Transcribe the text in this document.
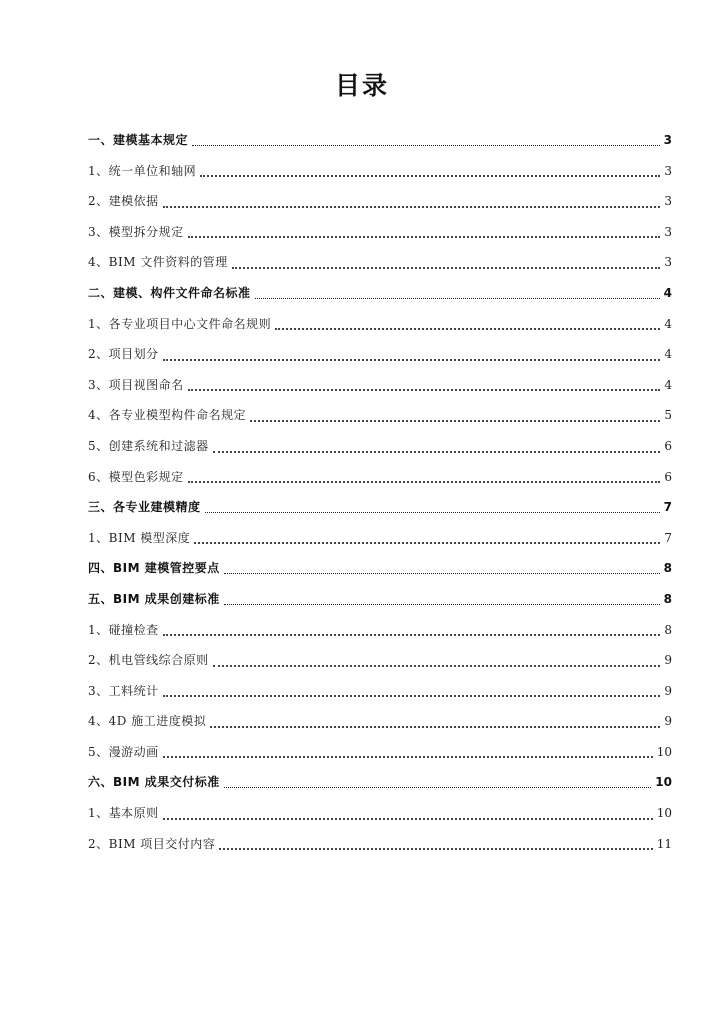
目录
一、建模基本规定	3
1、统一单位和轴网	3
2、建模依据	3
3、模型拆分规定	3
4、BIM 文件资料的管理	3
二、建模、构件文件命名标准	4
1、各专业项目中心文件命名规则	4
2、项目划分	4
3、项目视图命名	4
4、各专业模型构件命名规定	5
5、创建系统和过滤器	6
6、模型色彩规定	6
三、各专业建模精度	7
1、BIM 模型深度	7
四、BIM 建模管控要点	8
五、BIM 成果创建标准	8
1、碰撞检查	8
2、机电管线综合原则	9
3、工料统计	9
4、4D 施工进度模拟	9
5、漫游动画	10
六、BIM 成果交付标准	10
1、基本原则	10
2、BIM 项目交付内容	11
